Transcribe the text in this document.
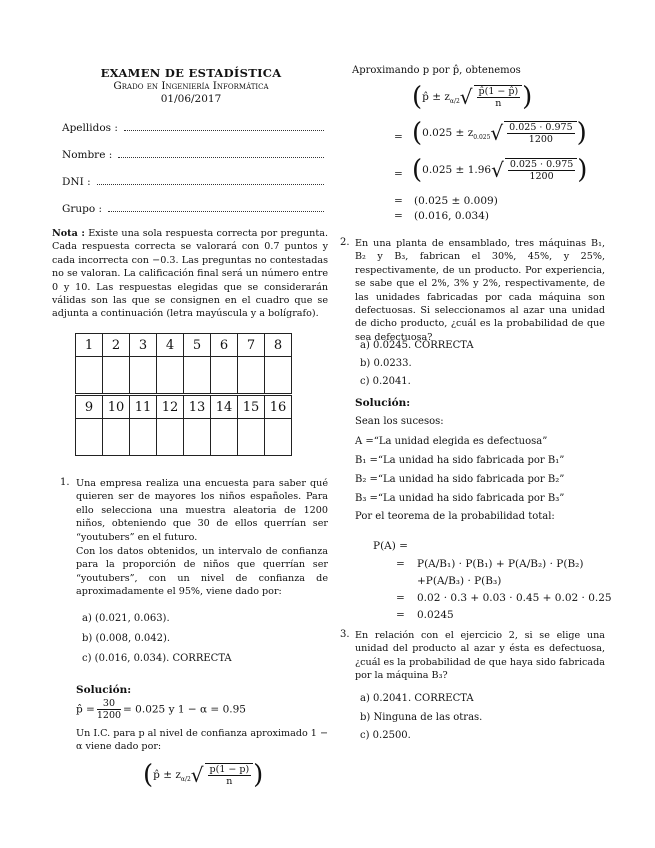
EXAMEN DE ESTADÍSTICA
Grado en Ingeniería Informática
01/06/2017
Apellidos :
Nombre :
DNI :
Grupo :
Nota : Existe una sola respuesta correcta por pregunta. Cada respuesta correcta se valorará con 0.7 puntos y cada incorrecta con −0.3. Las preguntas no contestadas no se valoran. La calificación final será un número entre 0 y 10. Las respuestas elegidas que se considerarán válidas son las que se consignen en el cuadro que se adjunta a continuación (letra mayúscula y a bolígrafo).
1	2	3	4	5	6	7	8

9	10	11	12	13	14	15	16

1. Una empresa realiza una encuesta para saber qué quieren ser de mayores los niños españoles. Para ello selecciona una muestra aleatoria de 1200 niños, obteniendo que 30 de ellos querrían ser “youtubers” en el futuro.
Con los datos obtenidos, un intervalo de confianza para la proporción de niños que querrían ser “youtubers”, con un nivel de confianza de aproximadamente el 95%, viene dado por:
a) (0.021, 0.063).
b) (0.008, 0.042).
c) (0.016, 0.034). CORRECTA
Solución:
p̂ = $\frac{30}{1200} = 0.025$ y 1 − α = 0.95
Un I.C. para p al nivel de confianza aproximado 1 − α viene dado por:
(p̂ ± $z_{\alpha/2}√ \frac{p(1 - p)}{n}$ )
Aproximando p por p̂, obtenemos
(p̂ ± $z_{\alpha/2}√ \frac{p̂(1 - p̂)}{n}$ )
= ($0.025 \pm z_{0.025}√ \frac{0.025 \cdot 0.975}{1200}$ )
= ($0.025 \pm 1.96√ \frac{0.025 \cdot 0.975}{1200}$ )
= (0.025 ± 0.009)
= (0.016, 0.034)
2. En una planta de ensamblado, tres máquinas B₁, B₂ y B₃, fabrican el 30%, 45%, y 25%, respectivamente, de un producto. Por experiencia, se sabe que el 2%, 3% y 2%, respectivamente, de las unidades fabricadas por cada máquina son defectuosas. Si seleccionamos al azar una unidad de dicho producto, ¿cuál es la probabilidad de que sea defectuosa?
a) 0.0245. CORRECTA
b) 0.0233.
c) 0.2041.
Solución:
Sean los sucesos:
A =“La unidad elegida es defectuosa”
B₁ =“La unidad ha sido fabricada por B₁”
B₂ =“La unidad ha sido fabricada por B₂”
B₃ =“La unidad ha sido fabricada por B₃”
Por el teorema de la probabilidad total:
P(A) =
= P(A/B₁) · P(B₁) + P(A/B₂) · P(B₂)
+P(A/B₃) · P(B₃)
= 0.02 · 0.3 + 0.03 · 0.45 + 0.02 · 0.25
= 0.0245
3. En relación con el ejercicio 2, si se elige una unidad del producto al azar y ésta es defectuosa, ¿cuál es la probabilidad de que haya sido fabricada por la máquina B₃?
a) 0.2041. CORRECTA
b) Ninguna de las otras.
c) 0.2500.
